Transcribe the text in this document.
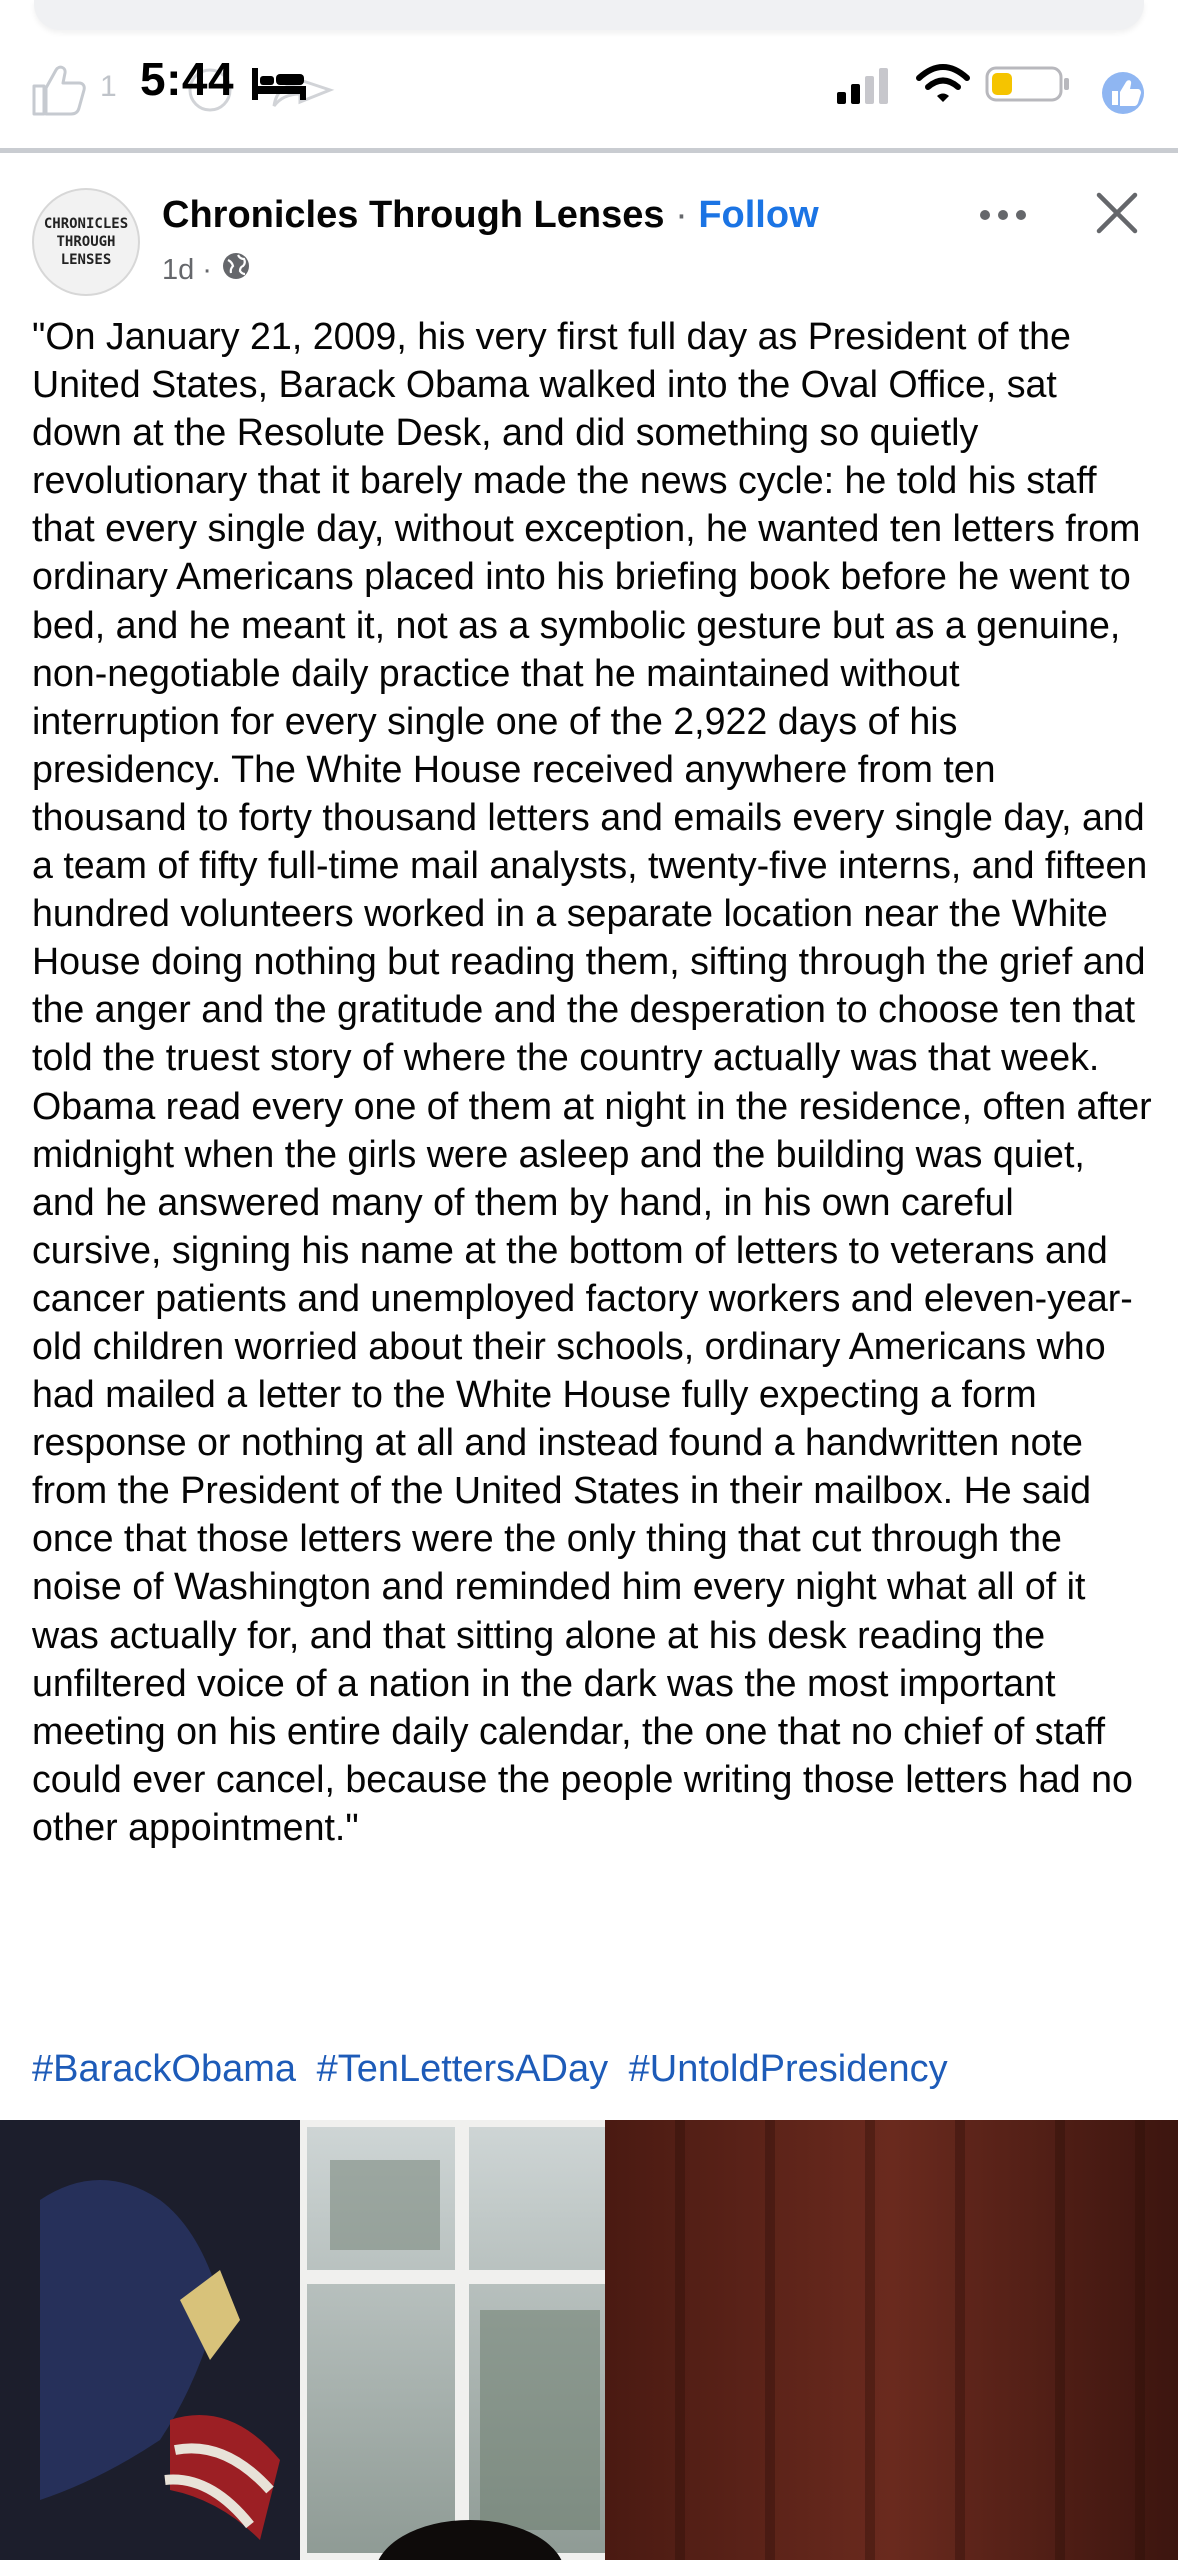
1 5:44
CHRONICLES
THROUGH
LENSES
Chronicles Through Lenses · Follow
1d ·
"On January 21, 2009, his very first full day as President of the United States, Barack Obama walked into the Oval Office, sat down at the Resolute Desk, and did something so quietly revolutionary that it barely made the news cycle: he told his staff that every single day, without exception, he wanted ten letters from ordinary Americans placed into his briefing book before he went to bed, and he meant it, not as a symbolic gesture but as a genuine, non-negotiable daily practice that he maintained without interruption for every single one of the 2,922 days of his presidency. The White House received anywhere from ten thousand to forty thousand letters and emails every single day, and a team of fifty full-time mail analysts, twenty-five interns, and fifteen hundred volunteers worked in a separate location near the White House doing nothing but reading them, sifting through the grief and the anger and the gratitude and the desperation to choose ten that told the truest story of where the country actually was that week. Obama read every one of them at night in the residence, often after midnight when the girls were asleep and the building was quiet, and he answered many of them by hand, in his own careful cursive, signing his name at the bottom of letters to veterans and cancer patients and unemployed factory workers and eleven-year-old children worried about their schools, ordinary Americans who had mailed a letter to the White House fully expecting a form response or nothing at all and instead found a handwritten note from the President of the United States in their mailbox. He said once that those letters were the only thing that cut through the noise of Washington and reminded him every night what all of it was actually for, and that sitting alone at his desk reading the unfiltered voice of a nation in the dark was the most important meeting on his entire daily calendar, the one that no chief of staff could ever cancel, because the people writing those letters had no other appointment."
#BarackObama #TenLettersADay #UntoldPresidency
